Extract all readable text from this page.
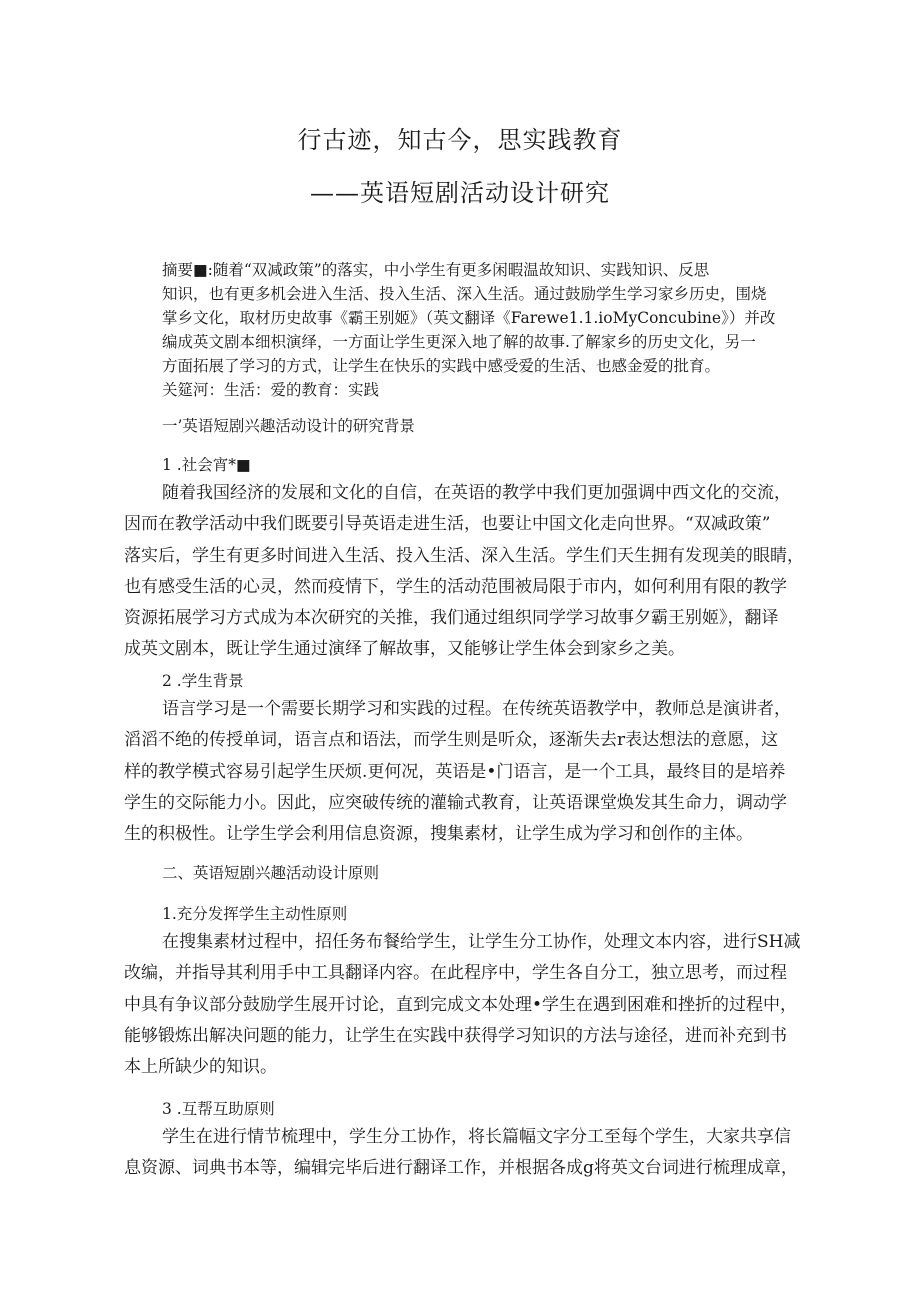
行古迹，知古今，思实践教育
——英语短剧活动设计研究
摘要■:随着“双减政策”的落实，中小学生有更多闲暇温故知识、实践知识、反思
知识，也有更多机会进入生活、投入生活、深入生活。通过鼓励学生学习家乡历史，围烧
掌乡文化，取材历史故事《霸王别姬》（英文翻译《Farewe1.1.ioMyConcubine》）并改
编成英文剧本细枳演绎，一方面让学生更深入地了解的故事.了解家乡的历史文化，另一
方面拓展了学习的方式，让学生在快乐的实践中感受爱的生活、也感金爱的批育。
关筵河：生活：爱的教育：实践
一’英语短剧兴趣活动设计的研究背景
1 .社会宵*■
随着我国经济的发展和文化的自信，在英语的教学中我们更加强调中西文化的交流，
因而在教学活动中我们既要引导英语走进生活，也要让中国文化走向世界。“双减政策”
落实后，学生有更多时间进入生活、投入生活、深入生活。学生们天生拥有发现美的眼睛，
也有感受生活的心灵，然而疫情下，学生的活动范围被局限于市内，如何利用有限的教学
资源拓展学习方式成为本次研究的关推，我们通过组织同学学习故事夕霸王别姬》，翻译
成英文剧本，既让学生通过演绎了解故事，又能够让学生体会到家乡之美。
2 .学生背景
语言学习是一个需要长期学习和实践的过程。在传统英语教学中，教师总是演讲者，
滔滔不绝的传授单词，语言点和语法，而学生则是听众，逐渐失去r表达想法的意愿，这
样的教学模式容易引起学生厌烦.更何况，英语是•门语言，是一个工具，最终目的是培养
学生的交际能力小。因此，应突破传统的灌输式教育，让英语课堂焕发其生命力，调动学
生的积极性。让学生学会利用信息资源，搜集素材，让学生成为学习和创作的主体。
二、英语短剧兴趣活动设计原则
1.充分发挥学生主动性原则
在搜集素材过程中，招任务布餐给学生，让学生分工协作，处理文本内容，进行SH减
改编，并指导其利用手中工具翻译内容。在此程序中，学生各自分工，独立思考，而过程
中具有争议部分鼓励学生展开讨论，直到完成文本处理•学生在遇到困难和挫折的过程中，
能够锻炼出解决问题的能力，让学生在实践中获得学习知识的方法与途径，进而补充到书
本上所缺少的知识。
3 .互帮互助原则
学生在进行情节梳理中，学生分工协作，将长篇幅文字分工至每个学生，大家共享信
息资源、词典书本等，编辑完毕后进行翻译工作，并根据各成g将英文台词进行梳理成章，
